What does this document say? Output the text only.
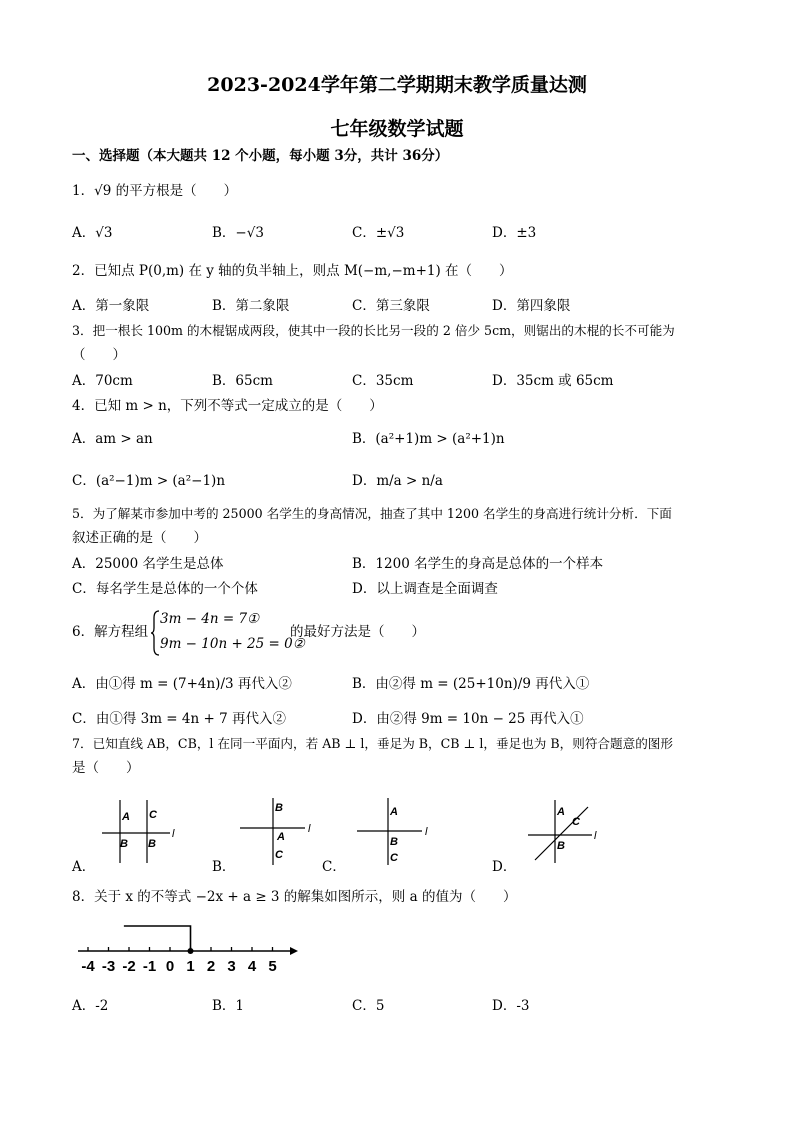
2023-2024学年第二学期期末教学质量达测
七年级数学试题
一、选择题（本大题共 12 个小题，每小题 3分，共计 36分）
1．√9 的平方根是（　　）
A．√3	B．−√3	C．±√3	D．±3
2．已知点 P(0,m) 在 y 轴的负半轴上，则点 M(−m,−m+1) 在（　　）
A．第一象限	B．第二象限	C．第三象限	D．第四象限
3．把一根长 100m 的木棍锯成两段，使其中一段的长比另一段的 2 倍少 5cm，则锯出的木棍的长不可能为
（　　）
A．70cm	B．65cm	C．35cm	D．35cm 或 65cm
4．已知 m > n，下列不等式一定成立的是（　　）
A．am > an	B．(a²+1)m > (a²+1)n
C．(a²−1)m > (a²−1)n	D．m/a > n/a
5．为了解某市参加中考的 25000 名学生的身高情况，抽查了其中 1200 名学生的身高进行统计分析．下面
叙述正确的是（　　）
A．25000 名学生是总体	B．1200 名学生的身高是总体的一个样本
C．每名学生是总体的一个个体	D．以上调查是全面调查
6．解方程组
3m − 4n = 7①
9m − 10n + 25 = 0②
的最好方法是（　　）
A．由①得 m = (7+4n)/3 再代入②	B．由②得 m = (25+10n)/9 再代入①
C．由①得 3m = 4n + 7 再代入②	D．由②得 9m = 10n − 25 再代入①
7．已知直线 AB，CB，l 在同一平面内，若 AB ⊥ l，垂足为 B，CB ⊥ l，垂足也为 B，则符合题意的图形
是（　　）
A C
B B
l
A．
B
A
C
l
B．
A
B
C
l
C．
A
C
B
l
D．
8．关于 x 的不等式 −2x + a ≥ 3 的解集如图所示，则 a 的值为（　　）
-4 -3 -2 -1 0 1 2 3 4 5
A．-2	B．1	C．5	D．-3
